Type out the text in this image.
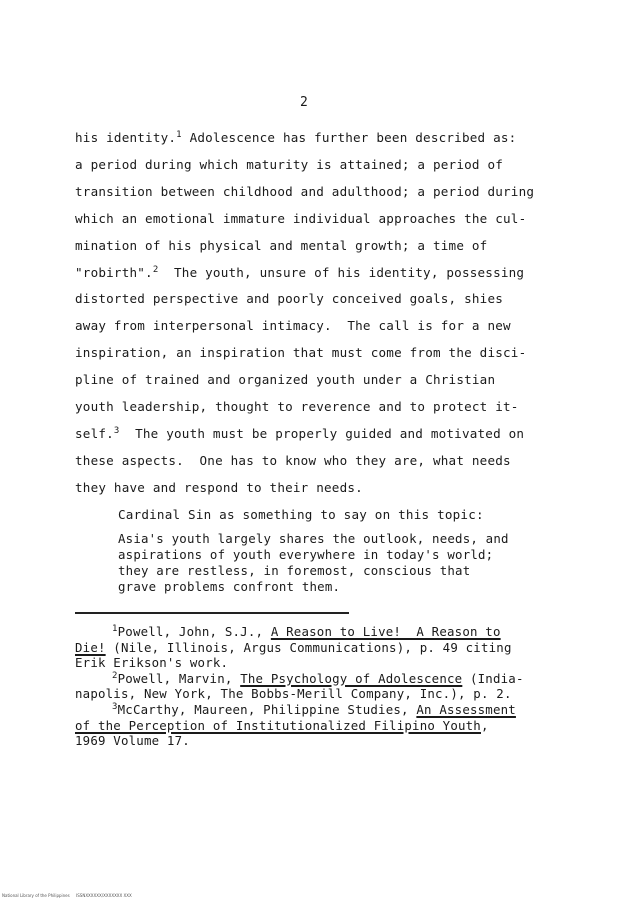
2
his identity.$^1$ Adolescence has further been described as:
a period during which maturity is attained; a period of
transition between childhood and adulthood; a period during
which an emotional immature individual approaches the cul-
mination of his physical and mental growth; a time of
"robirth".$^2$  The youth, unsure of his identity, possessing
distorted perspective and poorly conceived goals, shies
away from interpersonal intimacy.  The call is for a new
inspiration, an inspiration that must come from the disci-
pline of trained and organized youth under a Christian
youth leadership, thought to reverence and to protect it-
self.$^3$  The youth must be properly guided and motivated on
these aspects.  One has to know who they are, what needs
they have and respond to their needs.
Cardinal Sin as something to say on this topic:
Asia's youth largely shares the outlook, needs, and
aspirations of youth everywhere in today's world;
they are restless, in foremost, conscious that
grave problems confront them.
$^1$Powell, John, S.J., A Reason to Live!  A Reason to
Die! (Nile, Illinois, Argus Communications), p. 49 citing
Erik Erikson's work.
$^2$Powell, Marvin, The Psychology of Adolescence (India-
napolis, New York, The Bobbs-Merill Company, Inc.), p. 2.
$^3$McCarthy, Maureen, Philippine Studies, An Assessment
of the Perception of Institutionalized Filipino Youth,
1969 Volume 17.
National Library of the Philippines     ISSNXXXXXX/XXXXXXX XXX
